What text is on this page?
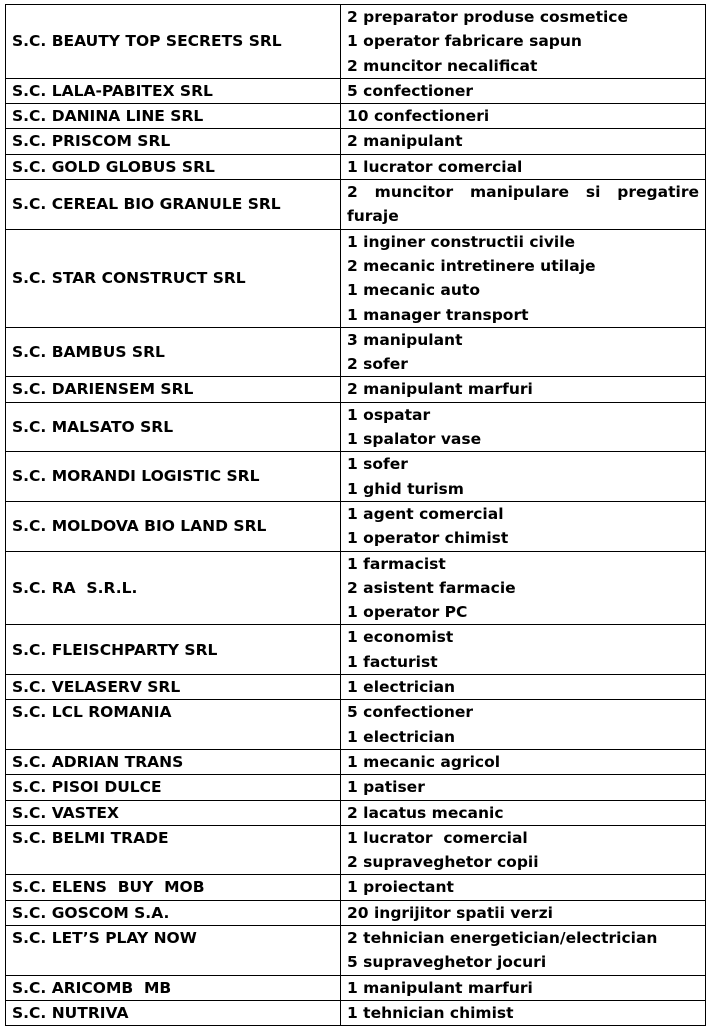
S.C. BEAUTY TOP SECRETS SRL	2 preparator produse cosmetice
1 operator fabricare sapun
2 muncitor necalificat

S.C. LALA-PABITEX SRL	5 confectioner

S.C. DANINA LINE SRL	10 confectioneri

S.C. PRISCOM SRL	2 manipulant

S.C. GOLD GLOBUS SRL	1 lucrator comercial

S.C. CEREAL BIO GRANULE SRL	2 muncitor manipulare si pregatire furaje
S.C. STAR CONSTRUCT SRL	1 inginer constructii civile
2 mecanic intretinere utilaje
1 mecanic auto
1 manager transport

S.C. BAMBUS SRL	3 manipulant
2 sofer

S.C. DARIENSEM SRL	2 manipulant marfuri

S.C. MALSATO SRL	1 ospatar
1 spalator vase

S.C. MORANDI LOGISTIC SRL	1 sofer
1 ghid turism

S.C. MOLDOVA BIO LAND SRL	1 agent comercial
1 operator chimist

S.C. RA  S.R.L.	1 farmacist
2 asistent farmacie
1 operator PC

S.C. FLEISCHPARTY SRL	1 economist
1 facturist

S.C. VELASERV SRL	1 electrician

S.C. LCL ROMANIA	5 confectioner
1 electrician

S.C. ADRIAN TRANS	1 mecanic agricol

S.C. PISOI DULCE	1 patiser

S.C. VASTEX	2 lacatus mecanic

S.C. BELMI TRADE	1 lucrator  comercial
2 supraveghetor copii

S.C. ELENS  BUY  MOB	1 proiectant

S.C. GOSCOM S.A.	20 ingrijitor spatii verzi

S.C. LET’S PLAY NOW	2 tehnician energetician/electrician
5 supraveghetor jocuri

S.C. ARICOMB  MB	1 manipulant marfuri

S.C. NUTRIVA	1 tehnician chimist
